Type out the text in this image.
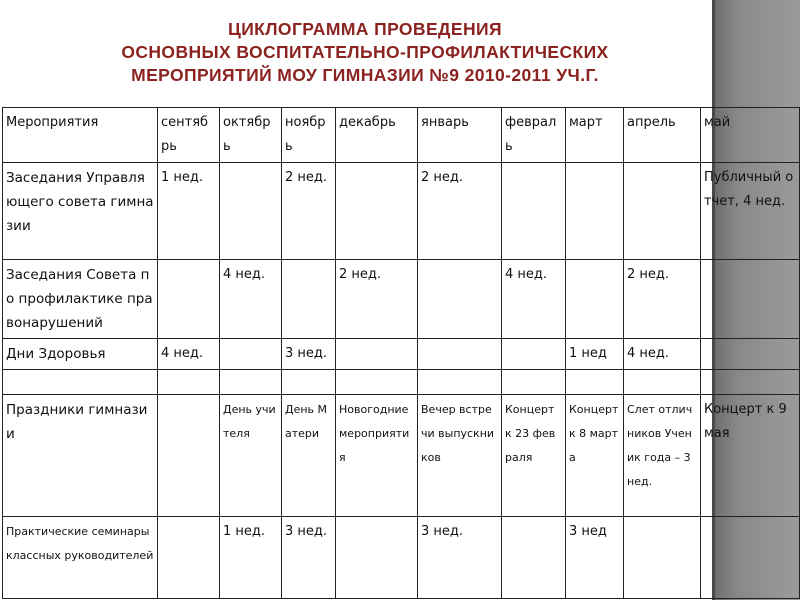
ЦИКЛОГРАММА ПРОВЕДЕНИЯ
ОСНОВНЫХ ВОСПИТАТЕЛЬНО-ПРОФИЛАКТИЧЕСКИХ
МЕРОПРИЯТИЙ МОУ ГИМНАЗИИ №9 2010-2011 УЧ.Г.
Мероприятия	сентябрь	октябрь	ноябрь	декабрь	январь	февраль	март	апрель	май
Заседания Управляющего совета гимназии	1 нед.		2 нед.		2 нед.				Публичный отчет, 4 нед.
Заседания Совета по профилактике правонарушений		4 нед.		2 нед.		4 нед.		2 нед.	
Дни Здоровья	4 нед.		3 нед.				1 нед	4 нед.	

Праздники гимназии		День учителя	День Матери	Новогодние мероприятия	Вечер встречи выпускников	Концерт к 23 февраля	Концерт к 8 марта	Слет отличников Ученик года – 3 нед.	Концерт к 9 мая
Практические семинары классных руководителей		1 нед.	3 нед.		3 нед.		3 нед		
